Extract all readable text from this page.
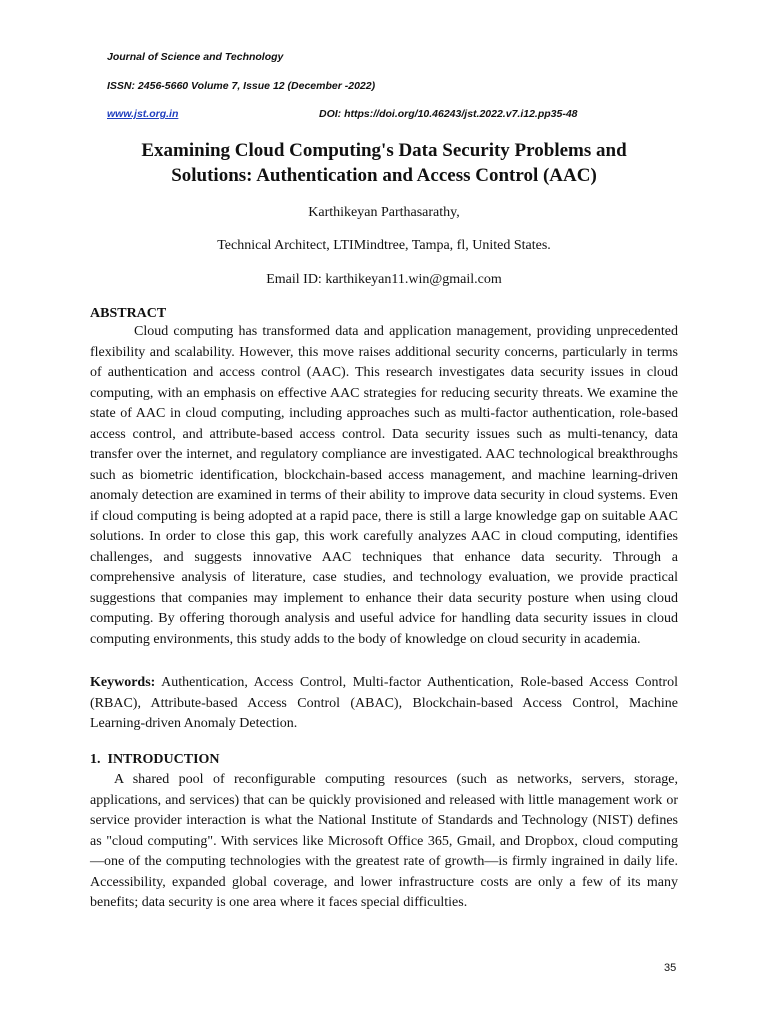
Journal of Science and Technology
ISSN: 2456-5660 Volume 7, Issue 12 (December -2022)
www.jst.org.in	DOI: https://doi.org/10.46243/jst.2022.v7.i12.pp35-48
Examining Cloud Computing's Data Security Problems and
Solutions: Authentication and Access Control (AAC)
Karthikeyan Parthasarathy,
Technical Architect, LTIMindtree, Tampa, fl, United States.
Email ID: karthikeyan11.win@gmail.com
ABSTRACT

Cloud computing has transformed data and application management, providing unprecedented flexibility and scalability. However, this move raises additional security concerns, particularly in terms of authentication and access control (AAC). This research investigates data security issues in cloud computing, with an emphasis on effective AAC strategies for reducing security threats. We examine the state of AAC in cloud computing, including approaches such as multi-factor authentication, role-based access control, and attribute-based access control. Data security issues such as multi-tenancy, data transfer over the internet, and regulatory compliance are investigated. AAC technological breakthroughs such as biometric identification, blockchain-based access management, and machine learning-driven anomaly detection are examined in terms of their ability to improve data security in cloud systems. Even if cloud computing is being adopted at a rapid pace, there is still a large knowledge gap on suitable AAC solutions. In order to close this gap, this work carefully analyzes AAC in cloud computing, identifies challenges, and suggests innovative AAC techniques that enhance data security. Through a comprehensive analysis of literature, case studies, and technology evaluation, we provide practical suggestions that companies may implement to enhance their data security posture when using cloud computing. By offering thorough analysis and useful advice for handling data security issues in cloud computing environments, this study adds to the body of knowledge on cloud security in academia.

Keywords: Authentication, Access Control, Multi-factor Authentication, Role-based Access Control (RBAC), Attribute-based Access Control (ABAC), Blockchain-based Access Control, Machine Learning-driven Anomaly Detection.

1.  INTRODUCTION

A shared pool of reconfigurable computing resources (such as networks, servers, storage, applications, and services) that can be quickly provisioned and released with little management work or service provider interaction is what the National Institute of Standards and Technology (NIST) defines as "cloud computing". With services like Microsoft Office 365, Gmail, and Dropbox, cloud computing—one of the computing technologies with the greatest rate of growth—is firmly ingrained in daily life. Accessibility, expanded global coverage, and lower infrastructure costs are only a few of its many benefits; data security is one area where it faces special difficulties.

35
